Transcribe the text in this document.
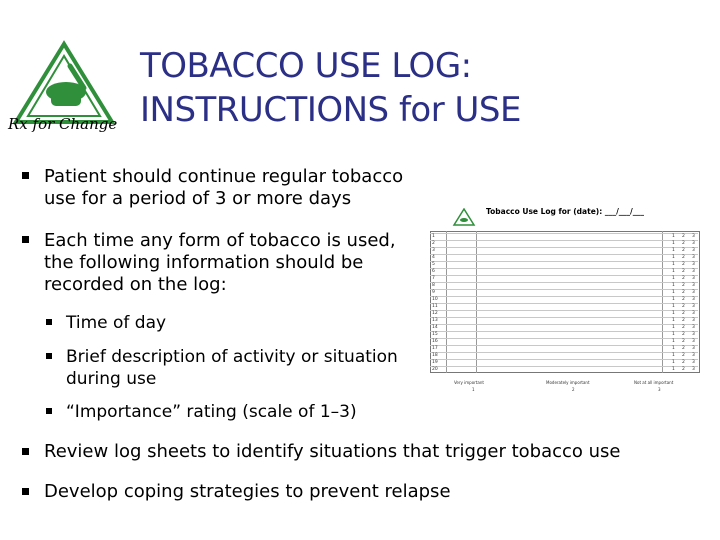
Rx for Change
TOBACCO USE LOG:
INSTRUCTIONS for USE
Patient should continue regular tobacco
use for a period of 3 or more days
Each time any form of tobacco is used,
the following information should be
recorded on the log:
Time of day
Brief description of activity or situation
during use
“Importance” rating (scale of 1–3)
Review log sheets to identify situations that trigger tobacco use
Develop coping strategies to prevent relapse
Tobacco Use Log for (date): ___/___/___
1	1 2 3
2	1 2 3
3	1 2 3
4	1 2 3
5	1 2 3
6	1 2 3
7	1 2 3
8	1 2 3
9	1 2 3
10	1 2 3
11	1 2 3
12	1 2 3
13	1 2 3
14	1 2 3
15	1 2 3
16	1 2 3
17	1 2 3
18	1 2 3
19	1 2 3
20	1 2 3
Very important	Moderately important	Not at all important
1	2	3
